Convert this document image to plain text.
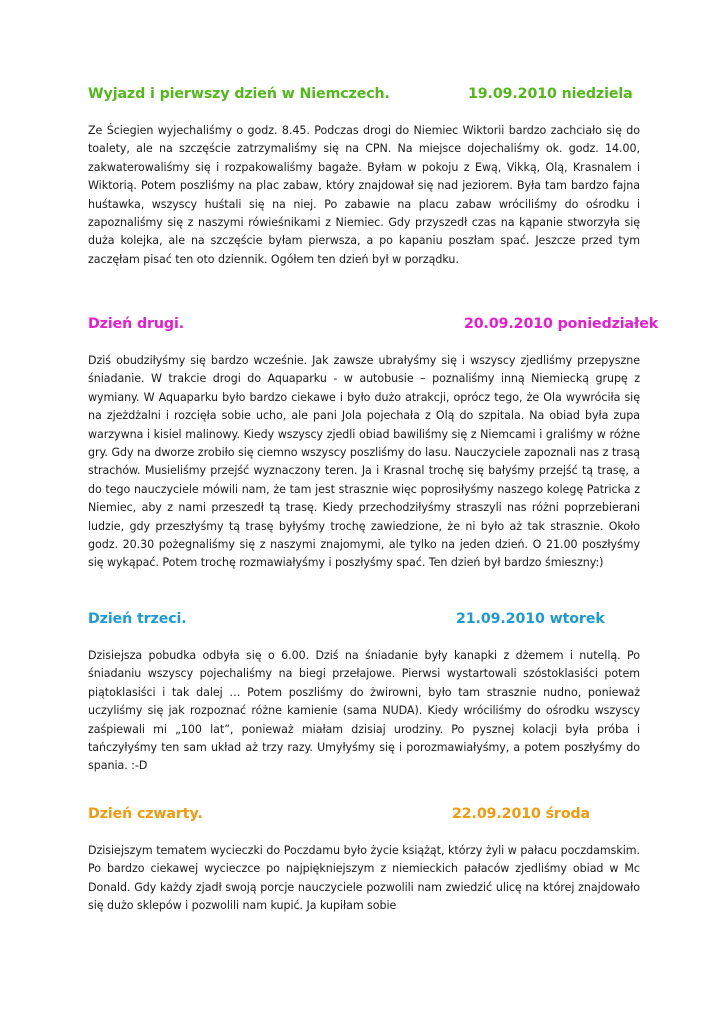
Wyjazd i pierwszy dzień w Niemczech.	19.09.2010 niedziela

Ze Ściegien wyjechaliśmy o godz. 8.45. Podczas drogi do Niemiec Wiktorii bardzo zachciało się do toalety, ale na szczęście zatrzymaliśmy się na CPN. Na miejsce dojechaliśmy ok. godz. 14.00, zakwaterowaliśmy się i rozpakowaliśmy bagaże. Byłam w pokoju z Ewą, Vikką, Olą, Krasnalem i Wiktorią. Potem poszliśmy na plac zabaw, który znajdował się nad jeziorem. Była tam bardzo fajna huśtawka, wszyscy huśtali się na niej. Po zabawie na placu zabaw wróciliśmy do ośrodku i zapoznaliśmy się z naszymi rówieśnikami z Niemiec. Gdy przyszedł czas na kąpanie stworzyła się duża kolejka, ale na szczęście byłam pierwsza, a po kapaniu poszłam spać. Jeszcze przed tym zaczęłam pisać ten oto dziennik. Ogółem ten dzień był w porządku.

Dzień drugi.	20.09.2010 poniedziałek

Dziś obudziłyśmy się bardzo wcześnie. Jak zawsze ubrałyśmy się i wszyscy zjedliśmy przepyszne śniadanie. W trakcie drogi do Aquaparku - w autobusie – poznaliśmy inną Niemiecką grupę z wymiany. W Aquaparku było bardzo ciekawe i było dużo atrakcji, oprócz tego, że Ola wywróciła się na zjeżdżalni i rozcięła sobie ucho, ale pani Jola pojechała z Olą do szpitala. Na obiad była zupa warzywna i kisiel malinowy. Kiedy wszyscy zjedli obiad bawiliśmy się z Niemcami i graliśmy w różne gry. Gdy na dworze zrobiło się ciemno wszyscy poszliśmy do lasu. Nauczyciele zapoznali nas z trasą strachów. Musieliśmy przejść wyznaczony teren. Ja i Krasnal trochę się bałyśmy przejść tą trasę, a do tego nauczyciele mówili nam, że tam jest strasznie więc poprosiłyśmy naszego kolegę Patricka z Niemiec, aby z nami przeszedł tą trasę. Kiedy przechodziłyśmy straszyli nas różni poprzebierani ludzie, gdy przeszłyśmy tą trasę byłyśmy trochę zawiedzione, że ni było aż tak strasznie. Około godz. 20.30 pożegnaliśmy się z naszymi znajomymi, ale tylko na jeden dzień. O 21.00 poszłyśmy się wykąpać. Potem trochę rozmawiałyśmy i poszłyśmy spać. Ten dzień był bardzo śmieszny:)

Dzień trzeci.	21.09.2010 wtorek

Dzisiejsza pobudka odbyła się o 6.00. Dziś na śniadanie były kanapki z dżemem i nutellą. Po śniadaniu wszyscy pojechaliśmy na biegi przełajowe. Pierwsi wystartowali szóstoklasiści potem piątoklasiści i tak dalej … Potem poszliśmy do żwirowni, było tam strasznie nudno, ponieważ uczyliśmy się jak rozpoznać różne kamienie (sama NUDA). Kiedy wróciliśmy do ośrodku wszyscy zaśpiewali mi „100 lat”, ponieważ miałam dzisiaj urodziny. Po pysznej kolacji była próba i tańczyłyśmy ten sam układ aż trzy razy. Umyłyśmy się i porozmawiałyśmy, a potem poszłyśmy do spania. :-D

Dzień czwarty.	22.09.2010 środa

Dzisiejszym tematem wycieczki do Poczdamu było życie książąt, którzy żyli w pałacu poczdamskim. Po bardzo ciekawej wycieczce po najpiękniejszym z niemieckich pałaców zjedliśmy obiad w Mc Donald. Gdy każdy zjadł swoją porcje nauczyciele pozwolili nam zwiedzić ulicę na której znajdowało się dużo sklepów i pozwolili nam kupić. Ja kupiłam sobie
